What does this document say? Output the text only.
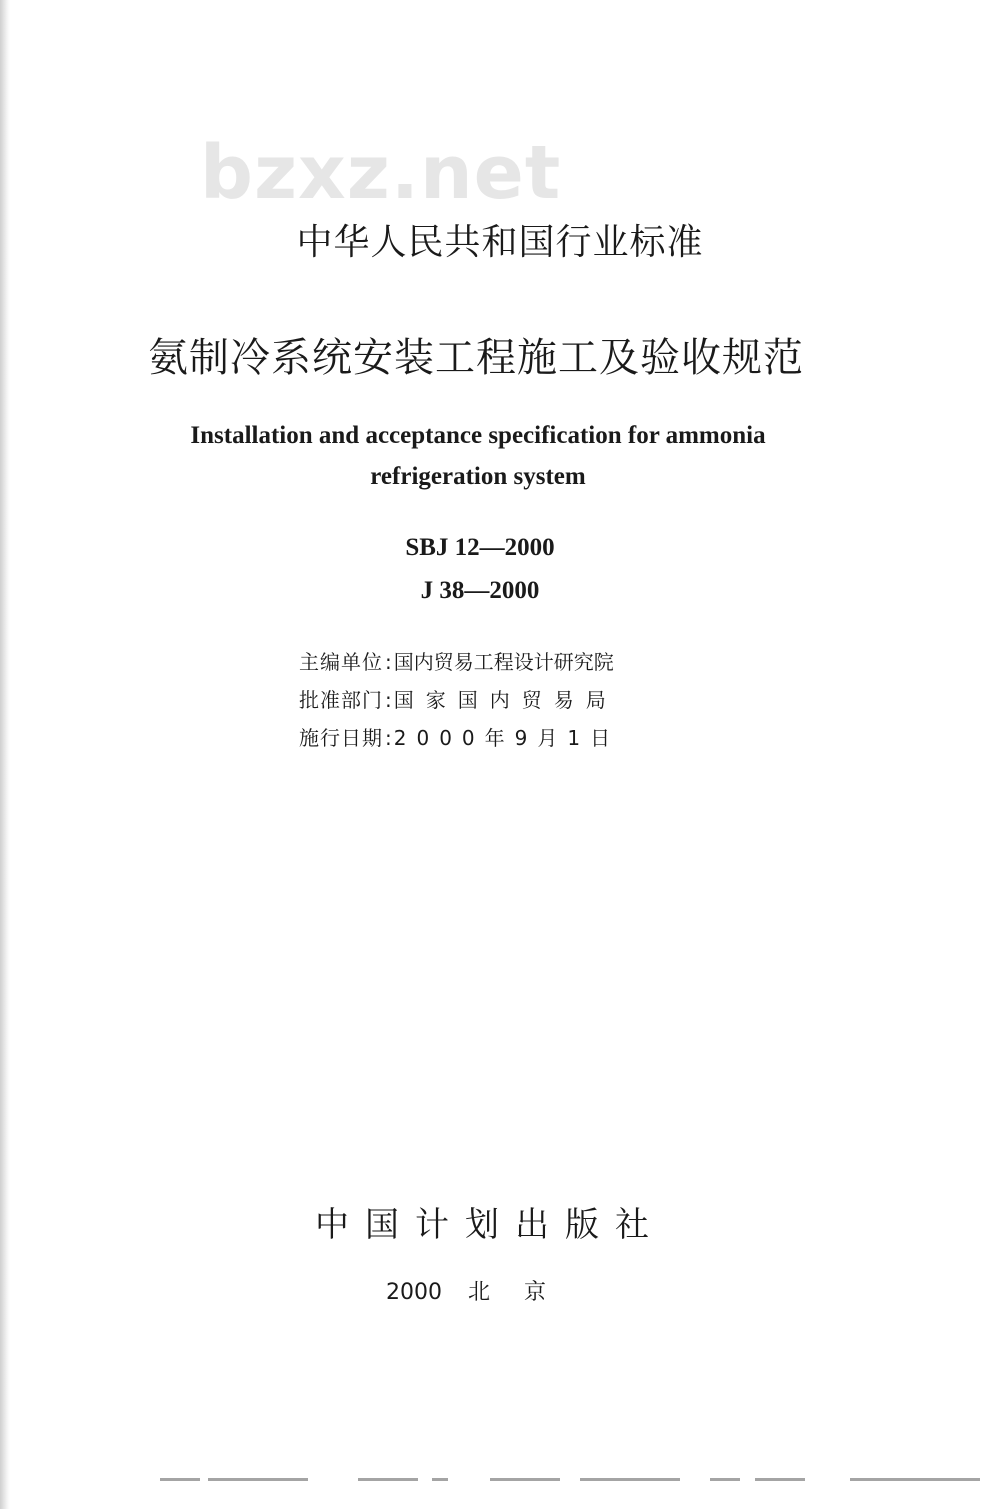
bzxz.net
中华人民共和国行业标准
氨制冷系统安装工程施工及验收规范
Installation and acceptance specification for ammonia
refrigeration system
SBJ 12—2000
J 38—2000
主编单位 : 国内贸易工程设计研究院
批准部门 : 国家国内贸易局
施行日期 : 2000年9月1日
中国计划出版社
2000 北京
